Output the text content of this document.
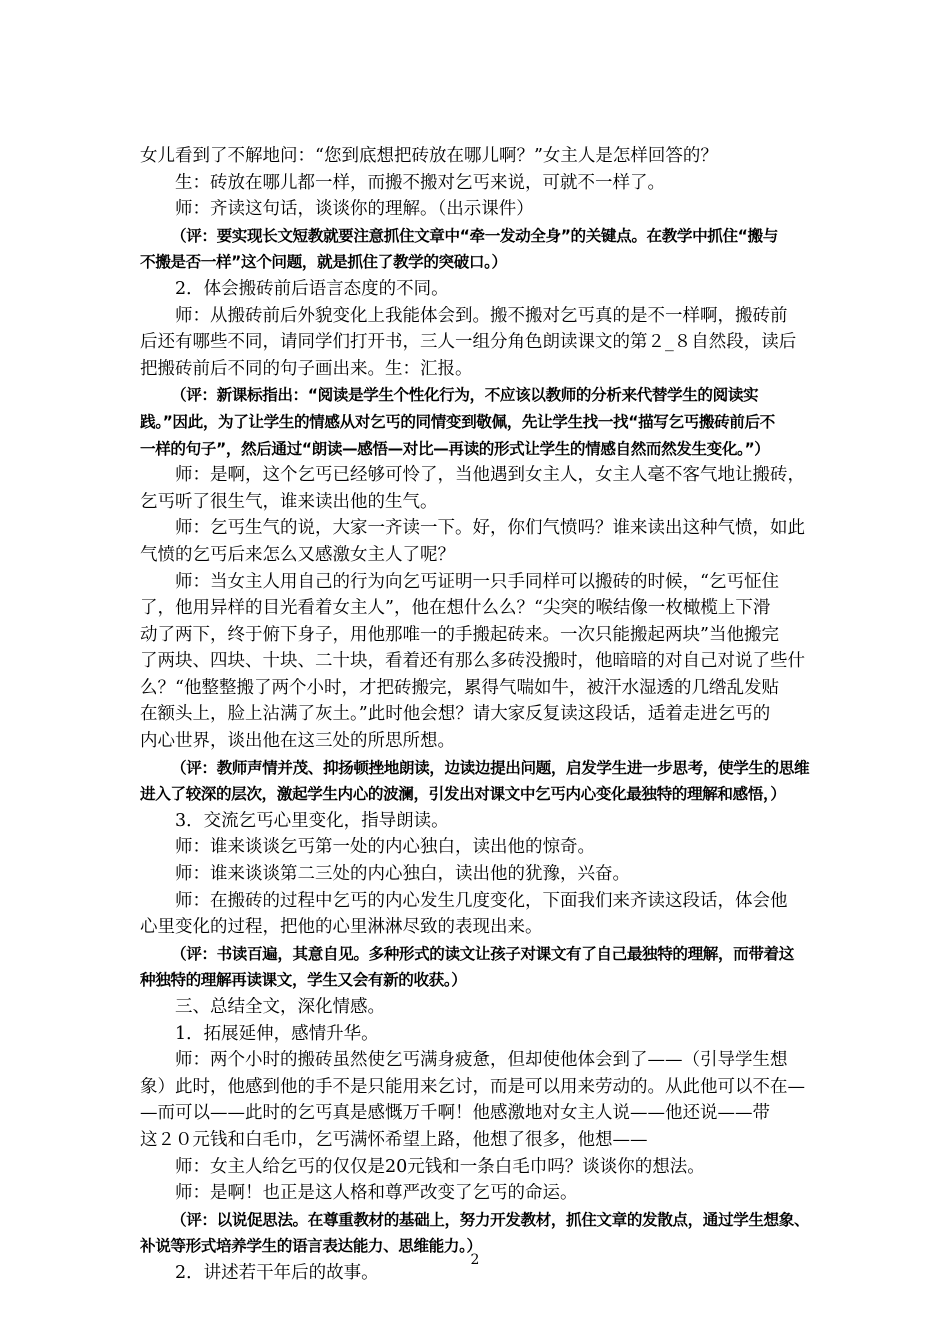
女儿看到了不解地问：“您到底想把砖放在哪儿啊？”女主人是怎样回答的？
生：砖放在哪儿都一样，而搬不搬对乞丐来说，可就不一样了。
师：齐读这句话，谈谈你的理解。（出示课件）
（评：要实现长文短教就要注意抓住文章中“牵一发动全身”的关键点。在教学中抓住“搬与
不搬是否一样”这个问题，就是抓住了教学的突破口。）
2．体会搬砖前后语言态度的不同。
师：从搬砖前后外貌变化上我能体会到。搬不搬对乞丐真的是不一样啊，搬砖前
后还有哪些不同，请同学们打开书，三人一组分角色朗读课文的第２_８自然段，读后
把搬砖前后不同的句子画出来。生：汇报。
（评：新课标指出：“阅读是学生个性化行为，不应该以教师的分析来代替学生的阅读实
践。”因此，为了让学生的情感从对乞丐的同情变到敬佩，先让学生找一找“描写乞丐搬砖前后不
一样的句子”，然后通过“朗读—感悟—对比—再读的形式让学生的情感自然而然发生变化。”）
师：是啊，这个乞丐已经够可怜了，当他遇到女主人，女主人毫不客气地让搬砖，
乞丐听了很生气，谁来读出他的生气。
师：乞丐生气的说，大家一齐读一下。好，你们气愤吗？谁来读出这种气愤，如此
气愤的乞丐后来怎么又感激女主人了呢？
师：当女主人用自己的行为向乞丐证明一只手同样可以搬砖的时候，“乞丐怔住
了，他用异样的目光看着女主人”，他在想什么么？“尖突的喉结像一枚橄榄上下滑
动了两下，终于俯下身子，用他那唯一的手搬起砖来。一次只能搬起两块”当他搬完
了两块、四块、十块、二十块，看着还有那么多砖没搬时，他暗暗的对自己对说了些什
么？“他整整搬了两个小时，才把砖搬完，累得气喘如牛，被汗水湿透的几绺乱发贴
在额头上，脸上沾满了灰土。”此时他会想？请大家反复读这段话，适着走进乞丐的
内心世界，谈出他在这三处的所思所想。
（评：教师声情并茂、抑扬顿挫地朗读，边读边提出问题，启发学生进一步思考，使学生的思维
进入了较深的层次，激起学生内心的波澜，引发出对课文中乞丐内心变化最独特的理解和感悟，）
3．交流乞丐心里变化，指导朗读。
师：谁来谈谈乞丐第一处的内心独白，读出他的惊奇。
师：谁来谈谈第二三处的内心独白，读出他的犹豫，兴奋。
师：在搬砖的过程中乞丐的内心发生几度变化，下面我们来齐读这段话，体会他
心里变化的过程，把他的心里淋淋尽致的表现出来。
（评：书读百遍，其意自见。多种形式的读文让孩子对课文有了自己最独特的理解，而带着这
种独特的理解再读课文，学生又会有新的收获。）
三、总结全文，深化情感。
1．拓展延伸，感情升华。
师：两个小时的搬砖虽然使乞丐满身疲惫，但却使他体会到了——（引导学生想
象）此时，他感到他的手不是只能用来乞讨，而是可以用来劳动的。从此他可以不在—
—而可以——此时的乞丐真是感慨万千啊！他感激地对女主人说——他还说——带
这２０元钱和白毛巾，乞丐满怀希望上路，他想了很多，他想——
师：女主人给乞丐的仅仅是20元钱和一条白毛巾吗？谈谈你的想法。
师：是啊！也正是这人格和尊严改变了乞丐的命运。
（评：以说促思法。在尊重教材的基础上，努力开发教材，抓住文章的发散点，通过学生想象、
补说等形式培养学生的语言表达能力、思维能力。）
2．讲述若干年后的故事。
2
